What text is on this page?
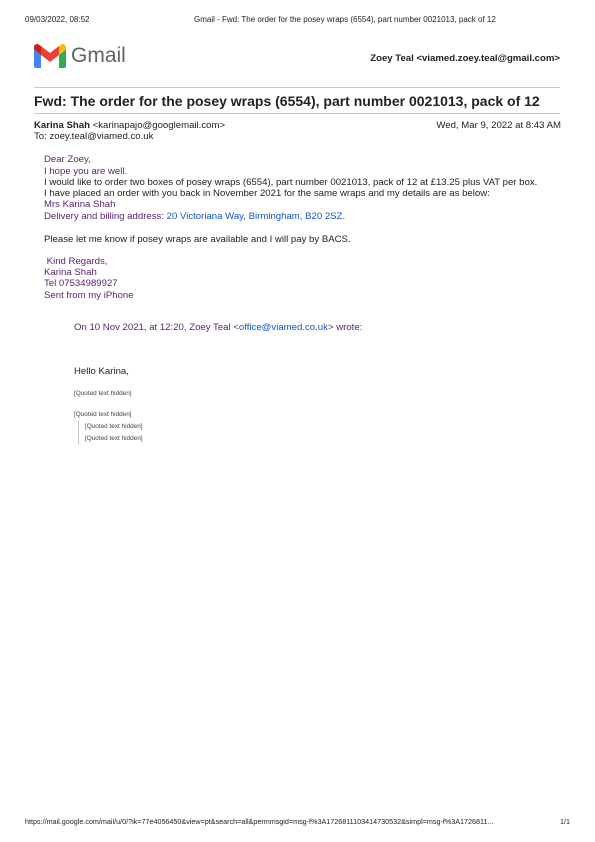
09/03/2022, 08:52	Gmail - Fwd: The order for the posey wraps (6554), part number 0021013, pack of 12
Gmail	Zoey Teal <viamed.zoey.teal@gmail.com>
Fwd: The order for the posey wraps (6554), part number 0021013, pack of 12
Karina Shah <karinapajo@googlemail.com>	Wed, Mar 9, 2022 at 8:43 AM
To: zoey.teal@viamed.co.uk
Dear Zoey,
I hope you are well.
I would like to order two boxes of posey wraps (6554), part number 0021013, pack of 12 at £13.25 plus VAT per box.
I have placed an order with you back in November 2021 for the same wraps and my details are as below:
Mrs Karina Shah
Delivery and billing address: 20 Victoriana Way, Birmingham, B20 2SZ.
Please let me know if posey wraps are available and I will pay by BACS.
Kind Regards,
Karina Shah
Tel 07534989927
Sent from my iPhone
On 10 Nov 2021, at 12:20, Zoey Teal <office@viamed.co.uk> wrote:
Hello Karina,
[Quoted text hidden]
[Quoted text hidden]
[Quoted text hidden]
[Quoted text hidden]
https://mail.google.com/mail/u/0/?ik=77e4056450&view=pt&search=all&permmsgid=msg-f%3A1726811103414730532&simpl=msg-f%3A1726811...	1/1
